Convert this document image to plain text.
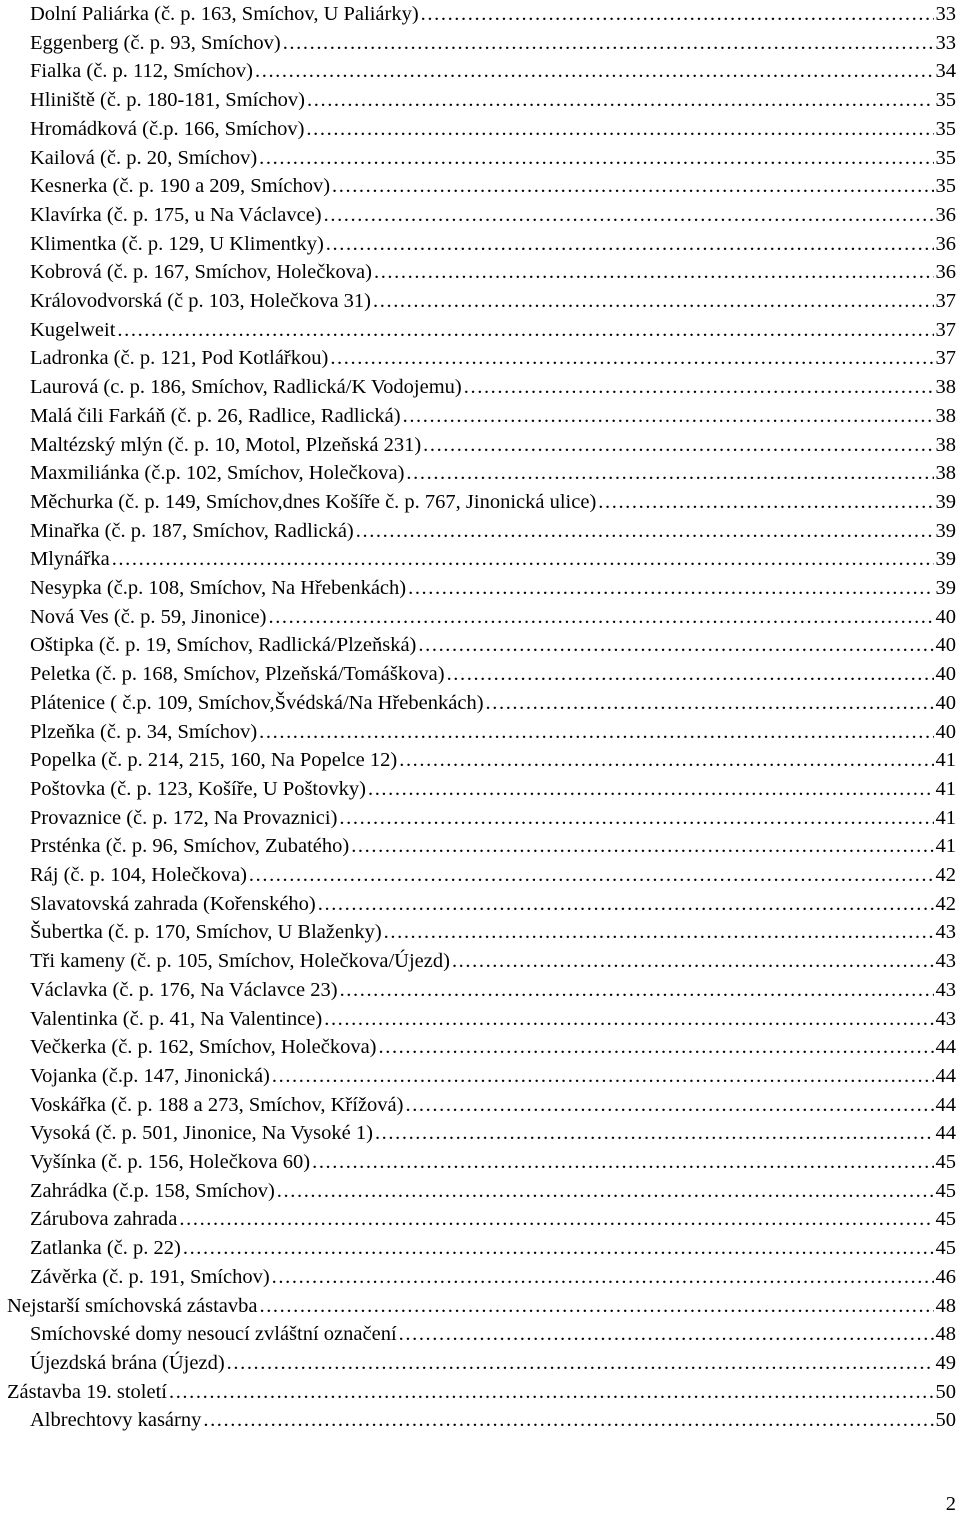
Dolní Paliárka (č. p. 163, Smíchov, U Paliárky) .....	33
Eggenberg (č. p. 93, Smíchov) .....	33
Fialka (č. p. 112, Smíchov) .....	34
Hliniště (č. p. 180-181, Smíchov) .....	35
Hromádková (č.p. 166, Smíchov) .....	35
Kailová (č. p. 20, Smíchov) .....	35
Kesnerka (č. p. 190 a 209, Smíchov) .....	35
Klavírka (č. p. 175, u Na Václavce) .....	36
Klimentka (č. p. 129, U Klimentky) .....	36
Kobrová (č. p. 167, Smíchov, Holečkova) .....	36
Královodvorská (č p. 103, Holečkova 31) .....	37
Kugelweit .....	37
Ladronka (č. p. 121, Pod Kotlářkou) .....	37
Laurová (c. p. 186, Smíchov, Radlická/K Vodojemu) .....	38
Malá čili Farkáň (č. p. 26, Radlice, Radlická) .....	38
Maltézský mlýn (č. p. 10, Motol, Plzeňská 231) .....	38
Maxmiliánka (č.p. 102, Smíchov, Holečkova) .....	38
Měchurka (č. p. 149, Smíchov,dnes Košíře č. p. 767, Jinonická ulice) .....	39
Minařka (č. p. 187, Smíchov, Radlická) .....	39
Mlynářka .....	39
Nesypka (č.p. 108, Smíchov, Na Hřebenkách) .....	39
Nová Ves (č. p. 59, Jinonice) .....	40
Oštipka (č. p. 19, Smíchov, Radlická/Plzeňská) .....	40
Peletka (č. p. 168, Smíchov, Plzeňská/Tomáškova) .....	40
Plátenice ( č.p. 109, Smíchov,Švédská/Na Hřebenkách) .....	40
Plzeňka (č. p. 34, Smíchov) .....	40
Popelka (č. p. 214, 215, 160, Na Popelce 12) .....	41
Poštovka (č. p. 123, Košíře, U Poštovky) .....	41
Provaznice (č. p. 172, Na Provaznici) .....	41
Prsténka (č. p. 96, Smíchov, Zubatého) .....	41
Ráj (č. p. 104, Holečkova) .....	42
Slavatovská zahrada (Kořenského) .....	42
Šubertka (č. p. 170, Smíchov, U Blaženky) .....	43
Tři kameny (č. p. 105, Smíchov, Holečkova/Újezd) .....	43
Václavka (č. p. 176, Na Václavce 23) .....	43
Valentinka (č. p. 41, Na Valentince) .....	43
Večkerka (č. p. 162, Smíchov, Holečkova) .....	44
Vojanka (č.p. 147, Jinonická) .....	44
Voskářka (č. p. 188 a 273, Smíchov, Křížová) .....	44
Vysoká (č. p. 501, Jinonice, Na Vysoké 1) .....	44
Vyšínka (č. p. 156, Holečkova 60) .....	45
Zahrádka (č.p. 158, Smíchov) .....	45
Zárubova zahrada .....	45
Zatlanka (č. p. 22) .....	45
Závěrka (č. p. 191, Smíchov) .....	46
Nejstarší smíchovská zástavba .....	48
Smíchovské domy nesoucí zvláštní označení .....	48
Újezdská brána (Újezd) .....	49
Zástavba 19. století .....	50
Albrechtovy kasárny .....	50
2
